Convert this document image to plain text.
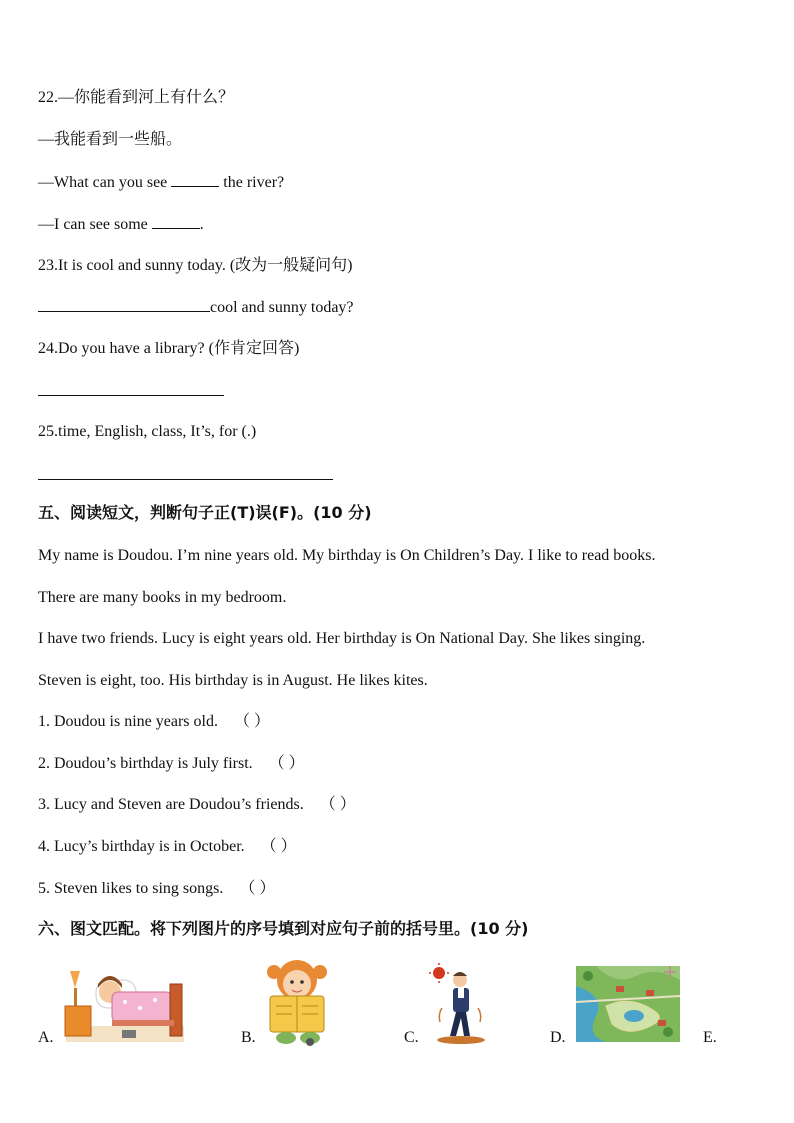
22.—你能看到河上有什么？
—我能看到一些船。
—What can you see	the river?
—I can see some	.
23.It is cool and sunny today. (改为一般疑问句)
cool and sunny today?
24.Do you have a library? (作肯定回答)
25.time, English, class, It’s, for (.)
五、阅读短文，判断句子正(T)误(F)。(10 分)
My name is Doudou. I’m nine years old. My birthday is On Children’s Day. I like to read books.
There are many books in my bedroom.
I have two friends. Lucy is eight years old. Her birthday is On National Day. She likes singing.
Steven is eight, too. His birthday is in August. He likes kites.
1. Doudou is nine years old. （ ）
2. Doudou’s birthday is July first. （ ）
3. Lucy and Steven are Doudou’s friends. （ ）
4. Lucy’s birthday is in October. （ ）
5. Steven likes to sing songs. （ ）
六、图文匹配。将下列图片的序号填到对应句子前的括号里。(10 分)
A.	B.	C.	D.	E.
